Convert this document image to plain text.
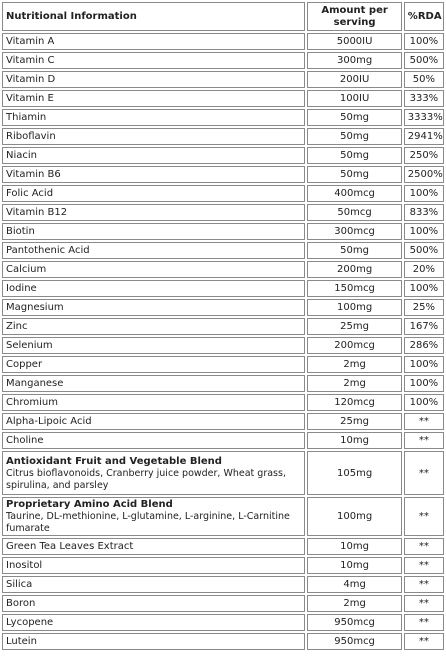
Nutritional Information	Amount per serving	%RDA
Vitamin A	5000IU	100%
Vitamin C	300mg	500%
Vitamin D	200IU	50%
Vitamin E	100IU	333%
Thiamin	50mg	3333%
Riboflavin	50mg	2941%
Niacin	50mg	250%
Vitamin B6	50mg	2500%
Folic Acid	400mcg	100%
Vitamin B12	50mcg	833%
Biotin	300mcg	100%
Pantothenic Acid	50mg	500%
Calcium	200mg	20%
Iodine	150mcg	100%
Magnesium	100mg	25%
Zinc	25mg	167%
Selenium	200mcg	286%
Copper	2mg	100%
Manganese	2mg	100%
Chromium	120mcg	100%
Alpha-Lipoic Acid	25mg	**
Choline	10mg	**

Antioxidant Fruit and Vegetable Blend
Citrus bioflavonoids, Cranberry juice powder, Wheat grass, spirulina, and parsley	105mg	**

Proprietary Amino Acid Blend
Taurine, DL-methionine, L-glutamine, L-arginine, L-Carnitine fumarate	100mg	**
Green Tea Leaves Extract	10mg	**
Inositol	10mg	**
Silica	4mg	**
Boron	2mg	**
Lycopene	950mcg	**
Lutein	950mcg	**
